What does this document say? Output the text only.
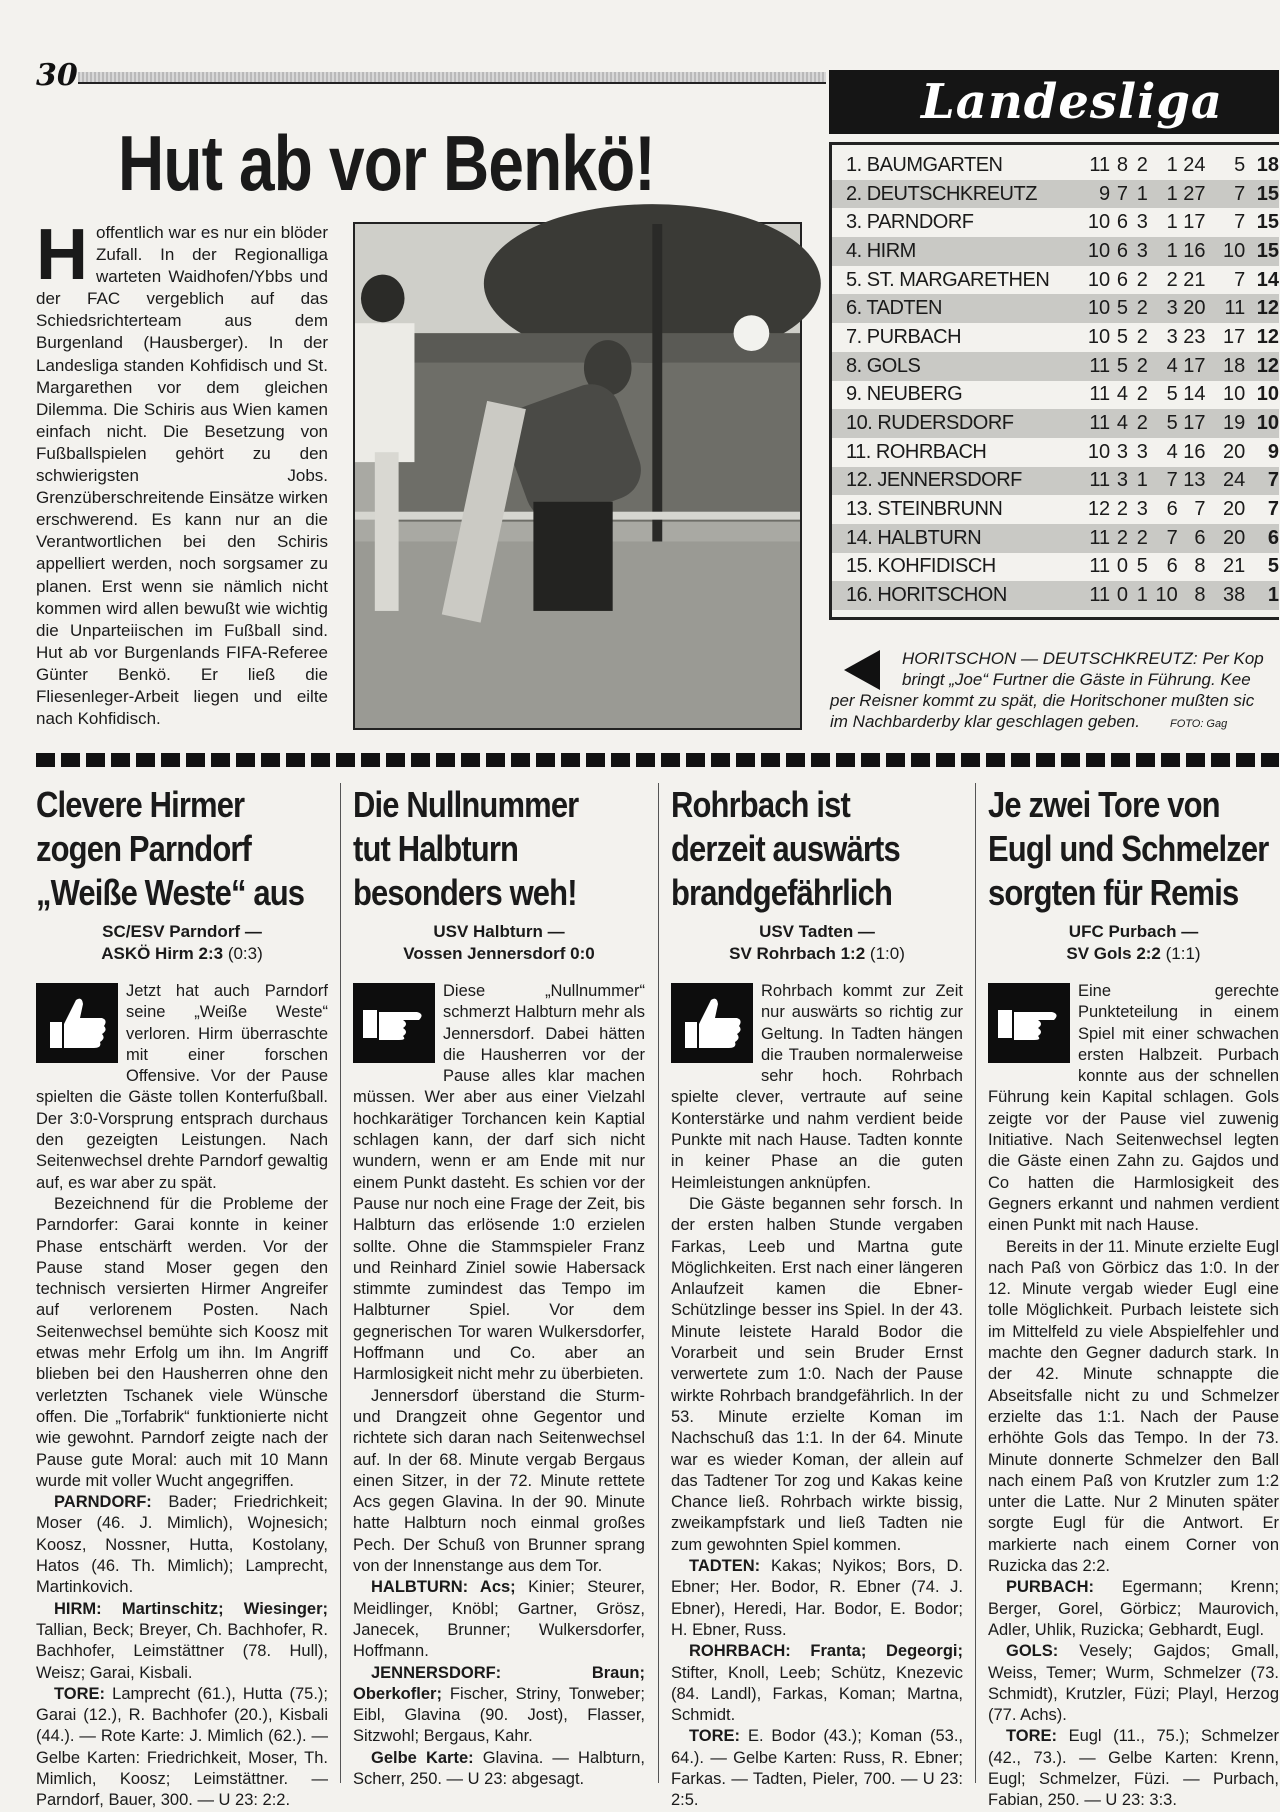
30	Landesliga
Hut ab vor Benkö!
H offentlich war es nur ein blöder Zufall. In der Regionalliga warteten Waidhofen/Ybbs und der FAC vergeblich auf das Schiedsrichterteam aus dem Burgenland (Hausberger). In der Landesliga standen Kohfidisch und St. Margarethen vor dem gleichen Dilemma. Die Schiris aus Wien kamen einfach nicht. Die Besetzung von Fußballspielen gehört zu den schwierigsten Jobs. Grenzüberschreitende Einsätze wirken erschwerend. Es kann nur an die Verantwortlichen bei den Schiris appelliert werden, noch sorgsamer zu planen. Erst wenn sie nämlich nicht kommen wird allen bewußt wie wichtig die Unparteiischen im Fußball sind. Hut ab vor Burgenlands FIFA-Referee Günter Benkö. Er ließ die Fliesenleger-Arbeit liegen und eilte nach Kohfidisch.
1. BAUMGARTEN	11 8 2 1 24	5 18
2. DEUTSCHKREUTZ	9 7 1 1 27	7 15
3. PARNDORF	10 6 3 1 17	7 15
4. HIRM	10 6 3 1 16 10 15
5. ST. MARGARETHEN	10 6 2 2 21	7 14
6. TADTEN	10 5 2 3 20 11 12
7. PURBACH	10 5 2 3 23 17 12
8. GOLS	11 5 2 4 17 18 12
9. NEUBERG	11 4 2 5 14 10 10
10. RUDERSDORF	11 4 2 5 17 19 10
11. ROHRBACH	10 3 3 4 16 20	9
12. JENNERSDORF	11 3 1 7 13 24	7
13. STEINBRUNN	12 2 3 6 7 20	7
14. HALBTURN	11 2 2 7 6 20	6
15. KOHFIDISCH	11 0 5 6 8 21	5
16. HORITSCHON	11 0 1 10 8 38	1
HORITSCHON — DEUTSCHKREUTZ: Per Kop
bringt „Joe“ Furtner die Gäste in Führung. Kee
per Reisner kommt zu spät, die Horitschoner mußten sic
im Nachbarderby klar geschlagen geben.	FOTO: Gag
Clevere Hirmer
zogen Parndorf
„Weiße Weste“ aus
SC/ESV Parndorf —
ASKÖ Hirm 2:3 (0:3)

Jetzt hat auch Parndorf seine „Weiße Weste“ verloren. Hirm überraschte mit einer forschen Offensive. Vor der Pause spielten die Gäste tollen Konterfußball. Der 3:0-Vorsprung entsprach durchaus den gezeigten Leistungen. Nach Seitenwechsel drehte Parndorf gewaltig auf, es war aber zu spät.

Bezeichnend für die Probleme der Parndorfer: Garai konnte in keiner Phase entschärft werden. Vor der Pause stand Moser gegen den technisch versierten Hirmer Angreifer auf verlorenem Posten. Nach Seitenwechsel bemühte sich Koosz mit etwas mehr Erfolg um ihn. Im Angriff blieben bei den Hausherren ohne den verletzten Tschanek viele Wünsche offen. Die „Torfabrik“ funktionierte nicht wie gewohnt. Parndorf zeigte nach der Pause gute Moral: auch mit 10 Mann wurde mit voller Wucht angegriffen.

PARNDORF: Bader; Friedrichkeit; Moser (46. J. Mimlich), Wojnesich; Koosz, Nossner, Hutta, Kostolany, Hatos (46. Th. Mimlich); Lamprecht, Martinkovich.

HIRM: Martinschitz; Wiesinger; Tallian, Beck; Breyer, Ch. Bachhofer, R. Bachhofer, Leimstättner (78. Hull), Weisz; Garai, Kisbali.

TORE: Lamprecht (61.), Hutta (75.); Garai (12.), R. Bachhofer (20.), Kisbali (44.). — Rote Karte: J. Mimlich (62.). — Gelbe Karten: Friedrichkeit, Moser, Th. Mimlich, Koosz; Leimstättner. — Parndorf, Bauer, 300. — U 23: 2:2.

Die Nullnummer
tut Halbturn
besonders weh!
USV Halbturn —
Vossen Jennersdorf 0:0

Diese „Nullnummer“ schmerzt Halbturn mehr als Jennersdorf. Dabei hätten die Hausherren vor der Pause alles klar machen müssen. Wer aber aus einer Vielzahl hochkarätiger Torchancen kein Kaptial schlagen kann, der darf sich nicht wundern, wenn er am Ende mit nur einem Punkt dasteht. Es schien vor der Pause nur noch eine Frage der Zeit, bis Halbturn das erlösende 1:0 erzielen sollte. Ohne die Stammspieler Franz und Reinhard Ziniel sowie Habersack stimmte zumindest das Tempo im Halbturner Spiel. Vor dem gegnerischen Tor waren Wulkersdorfer, Hoffmann und Co. aber an Harmlosigkeit nicht mehr zu überbieten.

Jennersdorf überstand die Sturm- und Drangzeit ohne Gegentor und richtete sich daran nach Seitenwechsel auf. In der 68. Minute vergab Bergaus einen Sitzer, in der 72. Minute rettete Acs gegen Glavina. In der 90. Minute hatte Halbturn noch einmal großes Pech. Der Schuß von Brunner sprang von der Innenstange aus dem Tor.

HALBTURN: Acs; Kinier; Steurer, Meidlinger, Knöbl; Gartner, Grösz, Janecek, Brunner; Wulkersdorfer, Hoffmann.

JENNERSDORF: Braun; Oberkofler; Fischer, Striny, Tonweber; Eibl, Glavina (90. Jost), Flasser, Sitzwohl; Bergaus, Kahr.

Gelbe Karte: Glavina. — Halbturn, Scherr, 250. — U 23: abgesagt.

Rohrbach ist
derzeit auswärts
brandgefährlich
USV Tadten —
SV Rohrbach 1:2 (1:0)

Rohrbach kommt zur Zeit nur auswärts so richtig zur Geltung. In Tadten hängen die Trauben normalerweise sehr hoch. Rohrbach spielte clever, vertraute auf seine Konterstärke und nahm verdient beide Punkte mit nach Hause. Tadten konnte in keiner Phase an die guten Heimleistungen anknüpfen.

Die Gäste begannen sehr forsch. In der ersten halben Stunde vergaben Farkas, Leeb und Martna gute Möglichkeiten. Erst nach einer längeren Anlaufzeit kamen die Ebner-Schützlinge besser ins Spiel. In der 43. Minute leistete Harald Bodor die Vorarbeit und sein Bruder Ernst verwertete zum 1:0. Nach der Pause wirkte Rohrbach brandgefährlich. In der 53. Minute erzielte Koman im Nachschuß das 1:1. In der 64. Minute war es wieder Koman, der allein auf das Tadtener Tor zog und Kakas keine Chance ließ. Rohrbach wirkte bissig, zweikampfstark und ließ Tadten nie zum gewohnten Spiel kommen.

TADTEN: Kakas; Nyikos; Bors, D. Ebner; Her. Bodor, R. Ebner (74. J. Ebner), Heredi, Har. Bodor, E. Bodor; H. Ebner, Russ.

ROHRBACH: Franta; Degeorgi; Stifter, Knoll, Leeb; Schütz, Knezevic (84. Landl), Farkas, Koman; Martna, Schmidt.

TORE: E. Bodor (43.); Koman (53., 64.). — Gelbe Karten: Russ, R. Ebner; Farkas. — Tadten, Pieler, 700. — U 23: 2:5.

Je zwei Tore von
Eugl und Schmelzer
sorgten für Remis
UFC Purbach —
SV Gols 2:2 (1:1)

Eine gerechte Punkteteilung in einem Spiel mit einer schwachen ersten Halbzeit. Purbach konnte aus der schnellen Führung kein Kapital schlagen. Gols zeigte vor der Pause viel zuwenig Initiative. Nach Seitenwechsel legten die Gäste einen Zahn zu. Gajdos und Co hatten die Harmlosigkeit des Gegners erkannt und nahmen verdient einen Punkt mit nach Hause.

Bereits in der 11. Minute erzielte Eugl nach Paß von Görbicz das 1:0. In der 12. Minute vergab wieder Eugl eine tolle Möglichkeit. Purbach leistete sich im Mittelfeld zu viele Abspielfehler und machte den Gegner dadurch stark. In der 42. Minute schnappte die Abseitsfalle nicht zu und Schmelzer erzielte das 1:1. Nach der Pause erhöhte Gols das Tempo. In der 73. Minute donnerte Schmelzer den Ball nach einem Paß von Krutzler zum 1:2 unter die Latte. Nur 2 Minuten später sorgte Eugl für die Antwort. Er markierte nach einem Corner von Ruzicka das 2:2.

PURBACH: Egermann; Krenn; Berger, Gorel, Görbicz; Maurovich, Adler, Uhlik, Ruzicka; Gebhardt, Eugl.

GOLS: Vesely; Gajdos; Gmall, Weiss, Temer; Wurm, Schmelzer (73. Schmidt), Krutzler, Füzi; Playl, Herzog (77. Achs).

TORE: Eugl (11., 75.); Schmelzer (42., 73.). — Gelbe Karten: Krenn, Eugl; Schmelzer, Füzi. — Purbach, Fabian, 250. — U 23: 3:3.
